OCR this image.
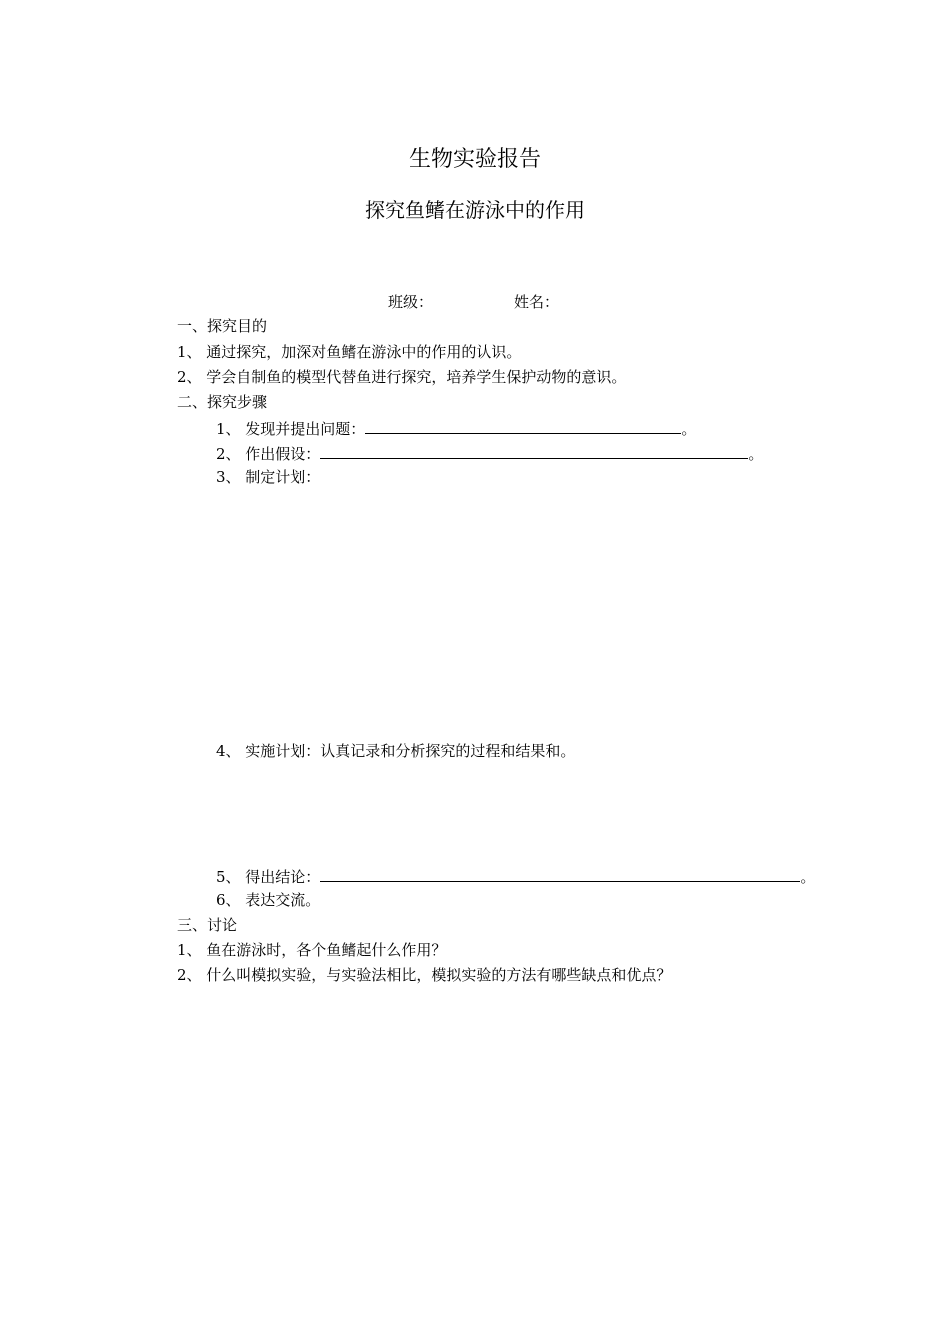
生物实验报告
探究鱼鳍在游泳中的作用
班级：	姓名：
一、探究目的
1、 通过探究，加深对鱼鳍在游泳中的作用的认识。
2、 学会自制鱼的模型代替鱼进行探究，培养学生保护动物的意识。
二、探究步骤
1、 发现并提出问题：	。
2、 作出假设：	。
3、 制定计划：
4、 实施计划：认真记录和分析探究的过程和结果和。
5、 得出结论：	。
6、 表达交流。
三、讨论
1、 鱼在游泳时，各个鱼鳍起什么作用？
2、 什么叫模拟实验，与实验法相比，模拟实验的方法有哪些缺点和优点？
